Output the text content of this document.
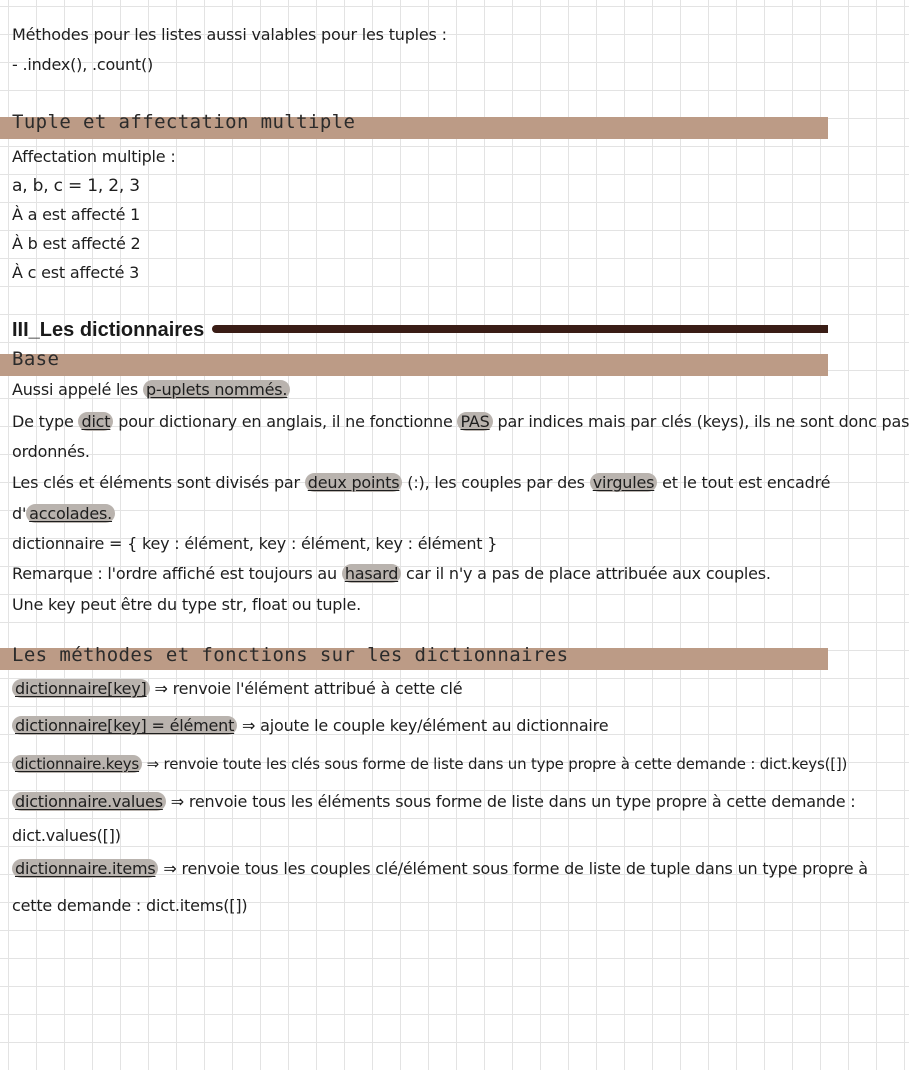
Méthodes pour les listes aussi valables pour les tuples :
- .index(), .count()
Tuple et affectation multiple
Affectation multiple :
a, b, c = 1, 2, 3
À a est affecté 1
À b est affecté 2
À c est affecté 3
III_Les dictionnaires
Base
Aussi appelé les p-uplets nommés.
De type dict pour dictionary en anglais, il ne fonctionne PAS par indices mais par clés (keys), ils ne sont donc pas
ordonnés.
Les clés et éléments sont divisés par deux points (:), les couples par des virgules et le tout est encadré
d' accolades.
dictionnaire = { key : élément, key : élément, key : élément }
Remarque : l'ordre affiché est toujours au hasard car il n'y a pas de place attribuée aux couples.
Une key peut être du type str, float ou tuple.
Les méthodes et fonctions sur les dictionnaires
dictionnaire[key] ⇒ renvoie l'élément attribué à cette clé
dictionnaire[key] = élément ⇒ ajoute le couple key/élément au dictionnaire
dictionnaire.keys ⇒ renvoie toute les clés sous forme de liste dans un type propre à cette demande : dict.keys([])
dictionnaire.values ⇒ renvoie tous les éléments sous forme de liste dans un type propre à cette demande :
dict.values([])
dictionnaire.items ⇒ renvoie tous les couples clé/élément sous forme de liste de tuple dans un type propre à
cette demande : dict.items([])
